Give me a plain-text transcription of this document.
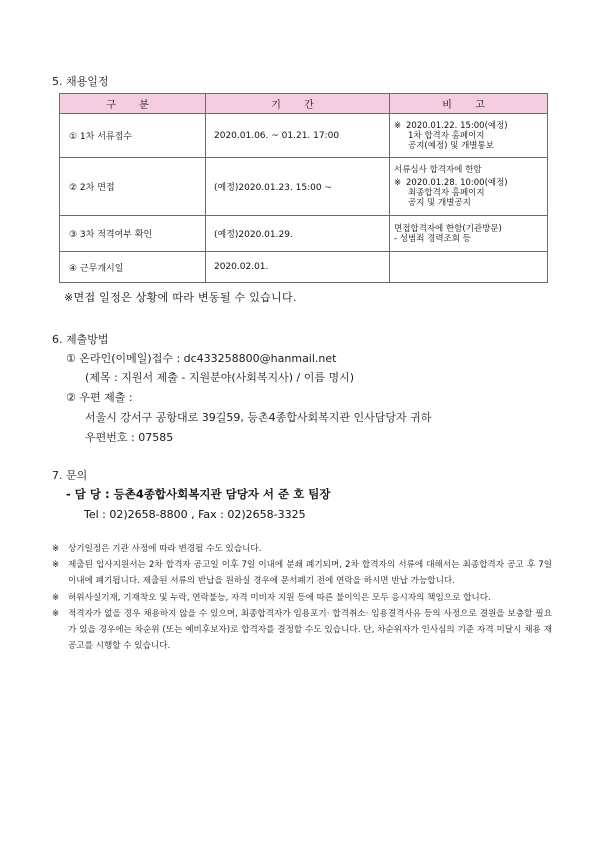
5. 채용일정
구 분	기 간	비 고
① 1차 서류접수	2020.01.06. ~ 01.21. 17:00	※ 2020.01.22. 15:00(예정)
1차 합격자 홈페이지
공지(예정) 및 개별통보

② 2차 면접	(예정)2020.01.23. 15:00 ~	서류심사 합격자에 한함
※ 2020.01.28. 10:00(예정)
최종합격자 홈페이지
공지 및 개별공지

③ 3차 적격여부 확인	(예정)2020.01.29.	면접합격자에 한함(기관방문)
- 성범죄 경력조회 등

④ 근무개시일	2020.02.01.	
※면접 일정은 상황에 따라 변동될 수 있습니다.
6. 제출방법
① 온라인(이메일)접수 : dc433258800@hanmail.net
(제목 : 지원서 제출 - 지원분야(사회복지사) / 이름 명시)
② 우편 제출 :
서울시 강서구 공항대로 39길59, 등촌4종합사회복지관 인사담당자 귀하
우편번호 : 07585
7. 문의
- 담 당 : 등촌4종합사회복지관 담당자 서 준 호 팀장
Tel : 02)2658-8800 , Fax : 02)2658-3325
※ 상기일정은 기관 사정에 따라 변경될 수도 있습니다.
※ 제출된 입사지원서는 2차 합격자 공고일 이후 7일 이내에 분쇄 폐기되며, 2차 합격자의 서류에 대해서는 최종합격자 공고 후 7일 이내에 폐기됩니다. 제출된 서류의 반납을 원하실 경우에 문서폐기 전에 연락을 하시면 반납 가능합니다.
※ 허위사실기재, 기재착오 및 누락, 연락불능, 자격 미비자 지원 등에 따른 불이익은 모두 응시자의 책임으로 합니다.
※ 적격자가 없을 경우 채용하지 않을 수 있으며, 최종합격자가 임용포기· 합격취소· 임용결격사유 등의 사정으로 결원을 보충할 필요가 있을 경우에는 차순위 (또는 예비후보자)로 합격자를 결정할 수도 있습니다. 단, 차순위자가 인사심의 기준 자격 미달시 채용 재공고를 시행할 수 있습니다.
